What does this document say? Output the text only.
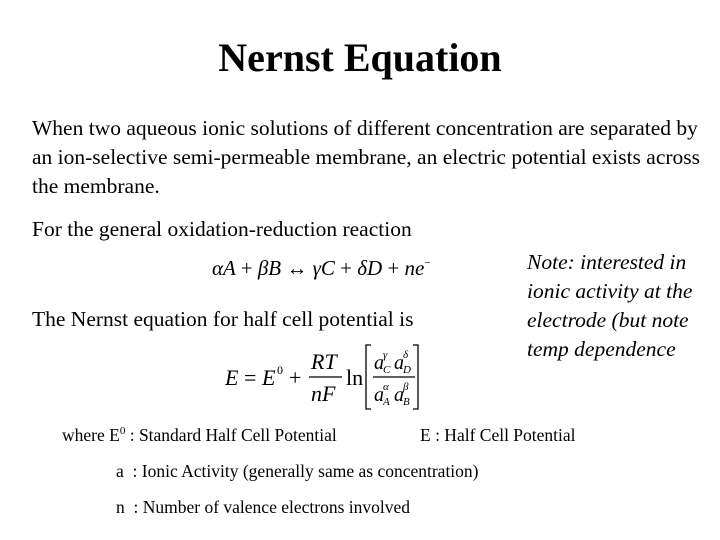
Nernst Equation
When two aqueous ionic solutions of different concentration are separated by an ion-selective semi-permeable membrane, an electric potential exists across the membrane.
For the general oxidation-reduction reaction
αA + βB ↔ γC + δD + ne−
The Nernst equation for half cell potential is
Note: interested in ionic activity at the electrode (but note temp dependence
E = E 0 +
RT
nF
ln
a γ
C a δ
D
a α
A a β
B
where $E^0$ : Standard Half Cell Potential	E : Half Cell Potential
a  : Ionic Activity (generally same as concentration)
n  : Number of valence electrons involved
